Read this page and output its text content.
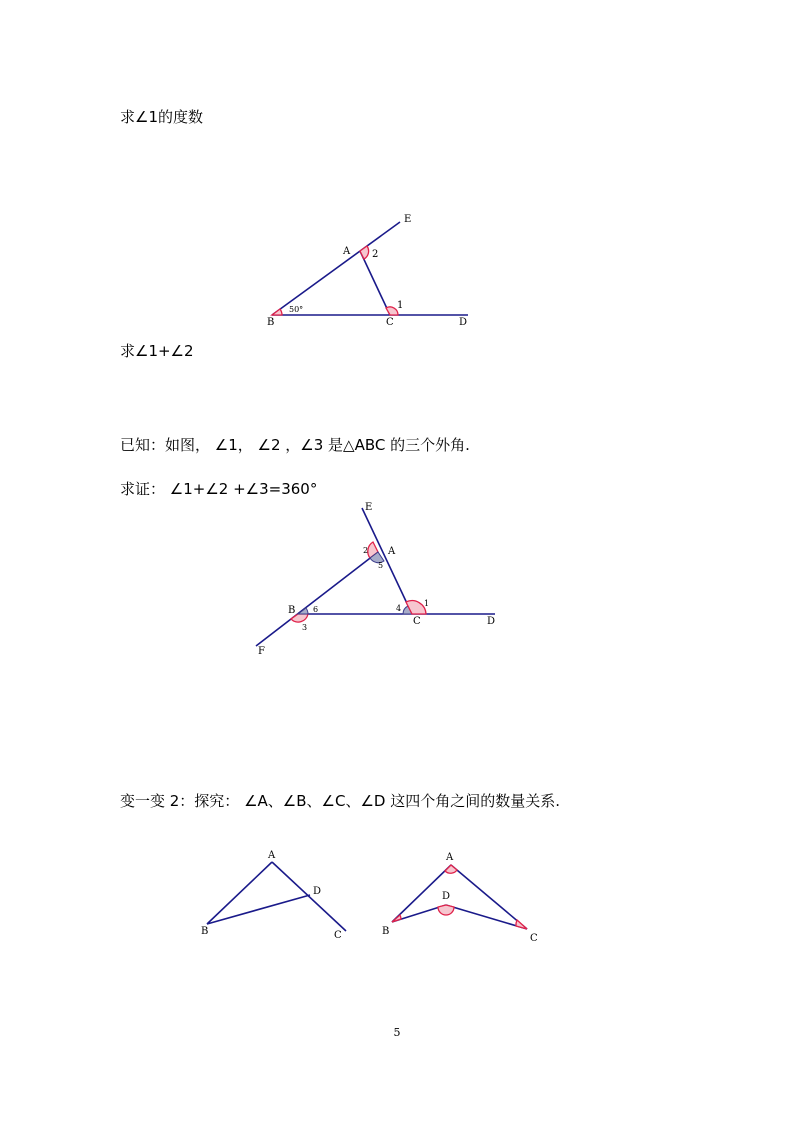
求∠1的度数
A
E
B	C	D
1
2
50°
求∠1+∠2
已知：如图， ∠1， ∠2 ，∠3 是△ABC 的三个外角.
求证： ∠1+∠2 +∠3=360°
E
A
B
C	D
F
1
2
3
4
5
6
变一变 2：探究： ∠A、∠B、∠C、∠D 这四个角之间的数量关系.
A
B	C
D
A
B
C
D
5
